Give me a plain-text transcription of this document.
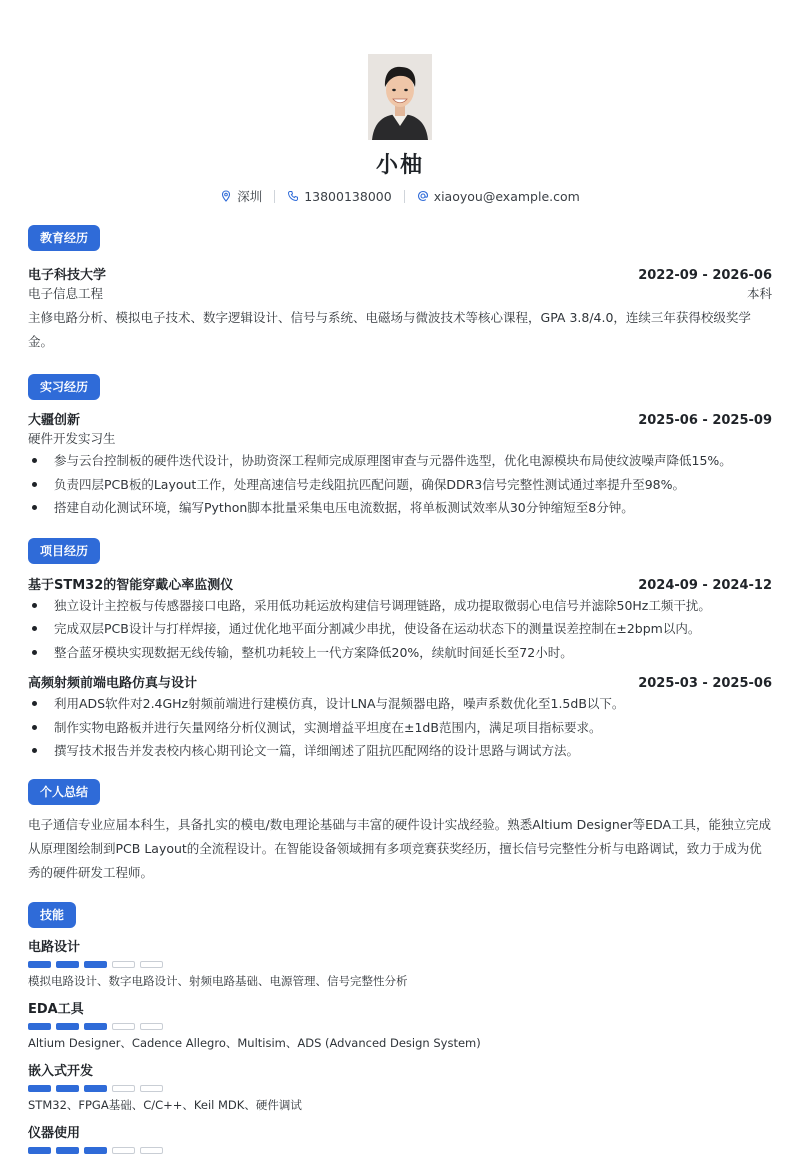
小柚
深圳	13800138000	xiaoyou@example.com
教育经历
电子科技大学	2022-09 - 2026-06
电子信息工程	本科
主修电路分析、模拟电子技术、数字逻辑设计、信号与系统、电磁场与微波技术等核心课程，GPA 3.8/4.0，连续三年获得校级奖学金。
实习经历
大疆创新	2025-06 - 2025-09
硬件开发实习生
参与云台控制板的硬件迭代设计，协助资深工程师完成原理图审查与元器件选型，优化电源模块布局使纹波噪声降低15%。
负责四层PCB板的Layout工作，处理高速信号走线阻抗匹配问题，确保DDR3信号完整性测试通过率提升至98%。
搭建自动化测试环境，编写Python脚本批量采集电压电流数据，将单板测试效率从30分钟缩短至8分钟。
项目经历
基于STM32的智能穿戴心率监测仪	2024-09 - 2024-12
独立设计主控板与传感器接口电路，采用低功耗运放构建信号调理链路，成功提取微弱心电信号并滤除50Hz工频干扰。
完成双层PCB设计与打样焊接，通过优化地平面分割减少串扰，使设备在运动状态下的测量误差控制在±2bpm以内。
整合蓝牙模块实现数据无线传输，整机功耗较上一代方案降低20%，续航时间延长至72小时。
高频射频前端电路仿真与设计	2025-03 - 2025-06
利用ADS软件对2.4GHz射频前端进行建模仿真，设计LNA与混频器电路，噪声系数优化至1.5dB以下。
制作实物电路板并进行矢量网络分析仪测试，实测增益平坦度在±1dB范围内，满足项目指标要求。
撰写技术报告并发表校内核心期刊论文一篇，详细阐述了阻抗匹配网络的设计思路与调试方法。
个人总结
电子通信专业应届本科生，具备扎实的模电/数电理论基础与丰富的硬件设计实战经验。熟悉Altium Designer等EDA工具，能独立完成从原理图绘制到PCB Layout的全流程设计。在智能设备领域拥有多项竞赛获奖经历，擅长信号完整性分析与电路调试，致力于成为优秀的硬件研发工程师。
技能
电路设计
模拟电路设计、数字电路设计、射频电路基础、电源管理、信号完整性分析
EDA工具
Altium Designer、Cadence Allegro、Multisim、ADS (Advanced Design System)
嵌入式开发
STM32、FPGA基础、C/C++、Keil MDK、硬件调试
仪器使用
